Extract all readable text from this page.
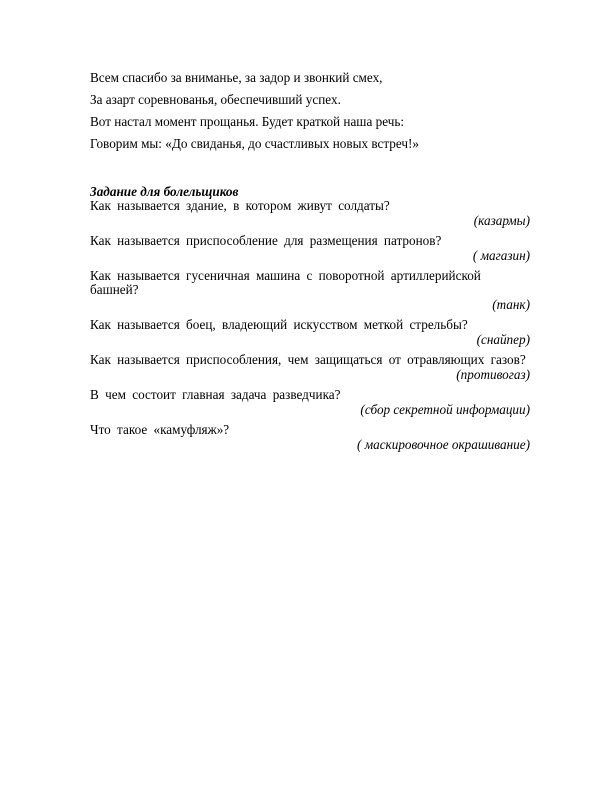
Всем спасибо за вниманье, за задор и звонкий смех,
За азарт соревнованья, обеспечивший успех.
Вот настал момент прощанья. Будет краткой наша речь:
Говорим мы: «До свиданья, до счастливых новых встреч!»
Задание для болельщиков
Как называется здание, в котором живут солдаты?
(казармы)
Как называется приспособление для размещения патронов?
( магазин)
Как называется гусеничная машина с поворотной артиллерийской башней?
(танк)
Как называется боец, владеющий искусством меткой стрельбы?
(снайпер)
Как называется приспособления, чем защищаться от отравляющих газов?
(противогаз)
В чем состоит главная задача разведчика?
(сбор секретной информации)
Что такое «камуфляж»?
( маскировочное окрашивание)
